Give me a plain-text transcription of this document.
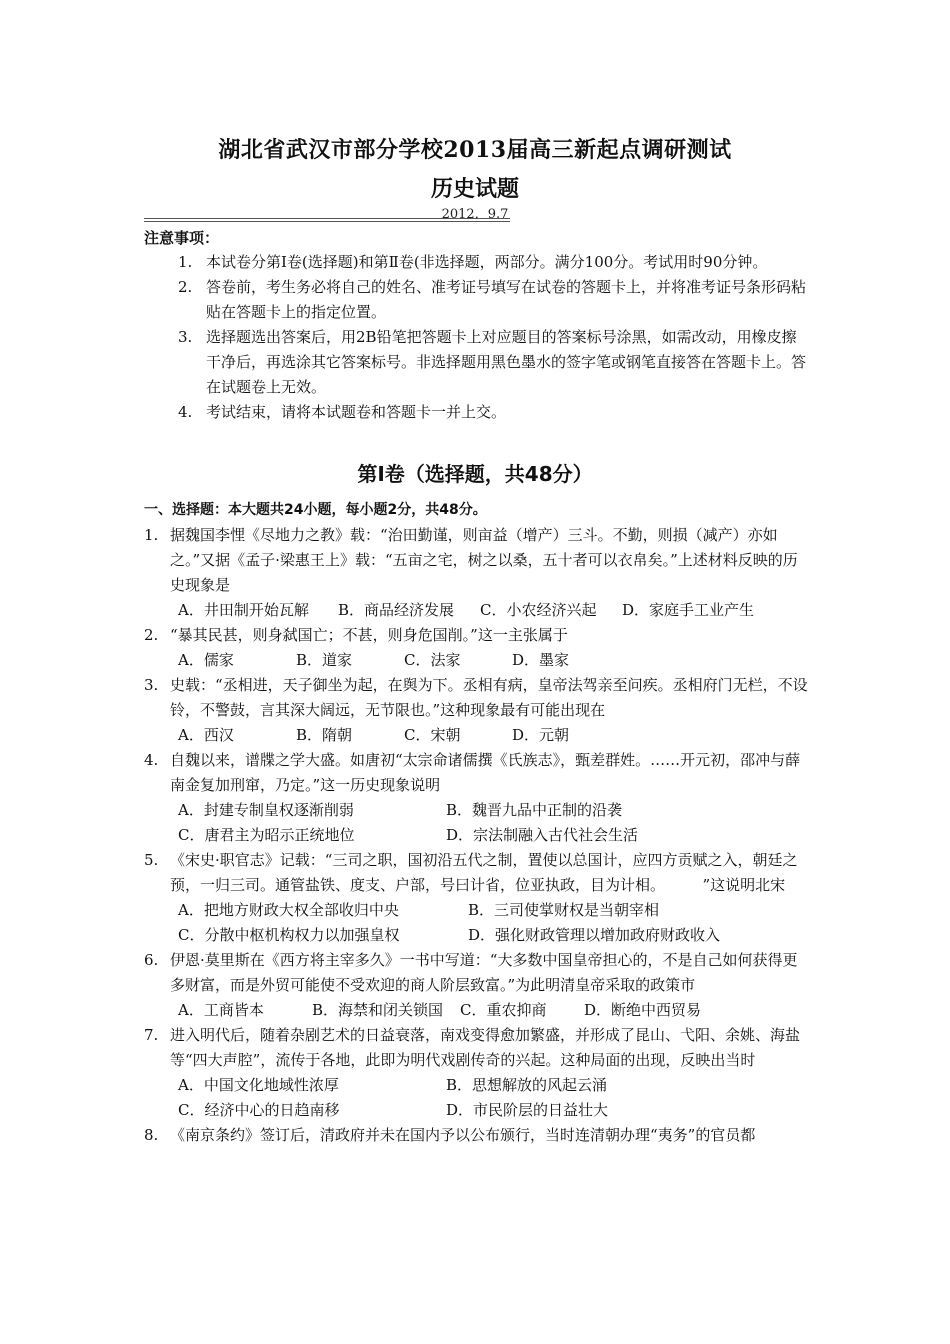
湖北省武汉市部分学校2013届高三新起点调研测试
历史试题
2012．9.7
注意事项：
1. 本试卷分第Ⅰ卷(选择题)和第Ⅱ卷(非选择题，两部分。满分100分。考试用时90分钟。
2. 答卷前，考生务必将自己的姓名、准考证号填写在试卷的答题卡上，并将准考证号条形码粘贴在答题卡上的指定位置。
3. 选择题选出答案后，用2B铅笔把答题卡上对应题目的答案标号涂黑，如需改动，用橡皮擦干净后，再选涂其它答案标号。非选择题用黑色墨水的签字笔或钢笔直接答在答题卡上。答在试题卷上无效。
4. 考试结束，请将本试题卷和答题卡一并上交。
第Ⅰ卷（选择题，共48分）
一、选择题：本大题共24小题，每小题2分，共48分。
1. 据魏国李悝《尽地力之教》载：“治田勤谨，则亩益（增产）三斗。不勤，则损（减产）亦如之。”又据《孟子·梁惠王上》载：“五亩之宅，树之以桑，五十者可以衣帛矣。”上述材料反映的历史现象是
A．井田制开始瓦解	B．商品经济发展	C．小农经济兴起	D．家庭手工业产生
2. “暴其民甚，则身弑国亡；不甚，则身危国削。”这一主张属于
A．儒家	B．道家	C．法家	D．墨家
3. 史载：“丞相进，天子御坐为起，在舆为下。丞相有病，皇帝法驾亲至问疾。丞相府门无栏，不设铃，不警鼓，言其深大阔远，无节限也。”这种现象最有可能出现在
A．西汉	B．隋朝	C．宋朝	D．元朝
4. 自魏以来，谱牒之学大盛。如唐初“太宗命诸儒撰《氏族志》，甄差群姓。……开元初，邵冲与薛南金复加刑窜，乃定。”这一历史现象说明
A．封建专制皇权逐渐削弱	B．魏晋九品中正制的沿袭
C．唐君主为昭示正统地位	D．宗法制融入古代社会生活
5. 《宋史·职官志》记载：“三司之职，国初沿五代之制，置使以总国计，应四方贡赋之入，朝廷之预，一归三司。通管盐铁、度支、户部，号曰计省，位亚执政，目为计相。　　　”这说明北宋
A．把地方财政大权全部收归中央	B．三司使掌财权是当朝宰相
C．分散中枢机构权力以加强皇权	D．强化财政管理以增加政府财政收入
6. 伊恩·莫里斯在《西方将主宰多久》一书中写道：“大多数中国皇帝担心的，不是自己如何获得更多财富，而是外贸可能使不受欢迎的商人阶层致富。”为此明清皇帝采取的政策市
A．工商皆本	B．海禁和闭关锁国	C．重农抑商	D．断绝中西贸易
7. 进入明代后，随着杂剧艺术的日益衰落，南戏变得愈加繁盛，并形成了昆山、弋阳、余姚、海盐等“四大声腔”，流传于各地，此即为明代戏剧传奇的兴起。这种局面的出现，反映出当时
A．中国文化地域性浓厚	B．思想解放的风起云涌
C．经济中心的日趋南移	D．市民阶层的日益壮大
8. 《南京条约》签订后，清政府并未在国内予以公布颁行，当时连清朝办理“夷务”的官员都
